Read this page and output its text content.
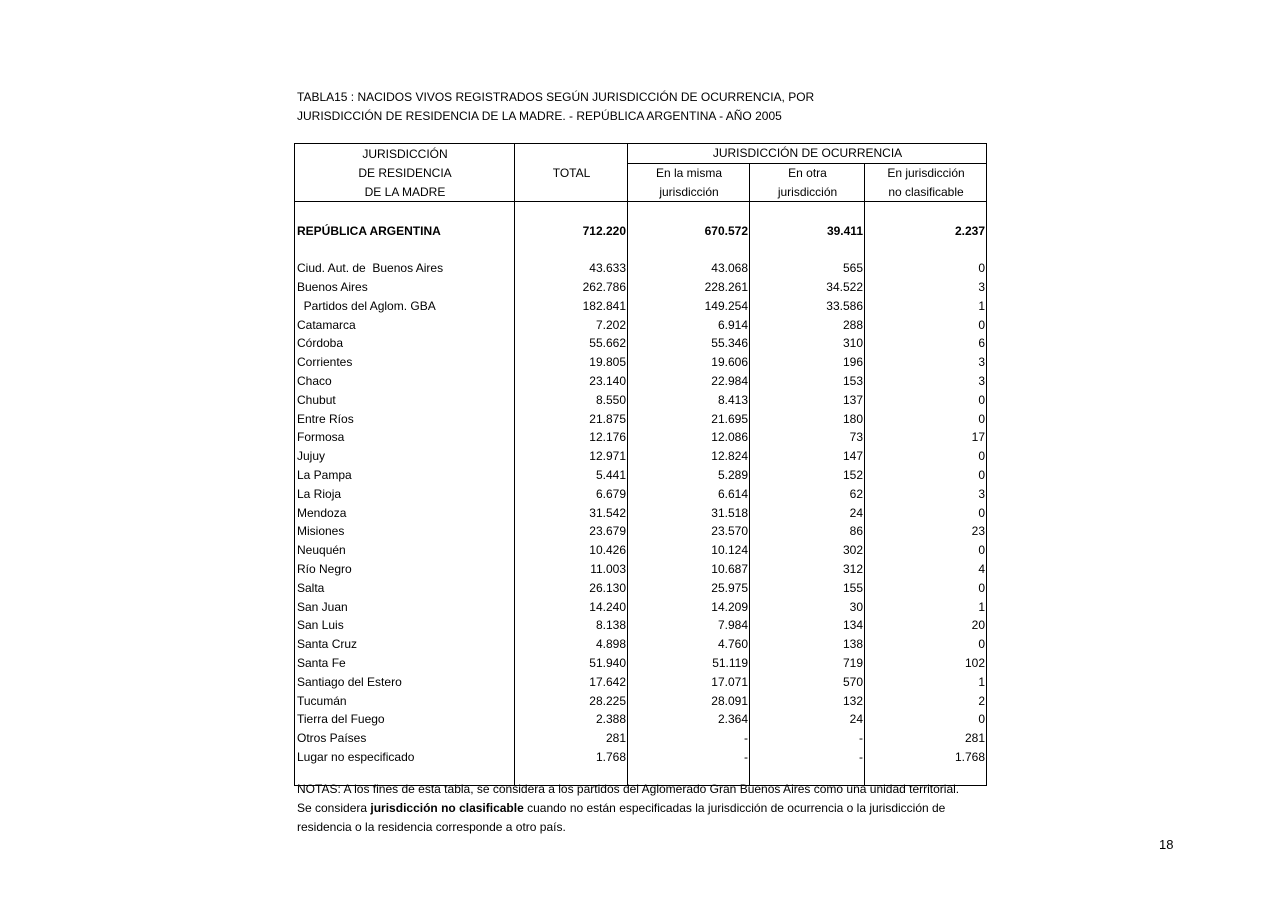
TABLA15 : NACIDOS VIVOS REGISTRADOS SEGÚN JURISDICCIÓN DE OCURRENCIA, POR
JURISDICCIÓN DE RESIDENCIA DE LA MADRE. - REPÚBLICA ARGENTINA - AÑO 2005
JURISDICCIÓN		JURISDICCIÓN DE OCURRENCIA		
DE RESIDENCIA	TOTAL	En la misma	En otra	En jurisdicción
DE LA MADRE		jurisdicción	jurisdicción	no clasificable

REPÚBLICA ARGENTINA	712.220	670.572	39.411	2.237

Ciud. Aut. de  Buenos Aires	43.633	43.068	565	0
Buenos Aires	262.786	228.261	34.522	3
Partidos del Aglom. GBA	182.841	149.254	33.586	1
Catamarca	7.202	6.914	288	0
Córdoba	55.662	55.346	310	6
Corrientes	19.805	19.606	196	3
Chaco	23.140	22.984	153	3
Chubut	8.550	8.413	137	0
Entre Ríos	21.875	21.695	180	0
Formosa	12.176	12.086	73	17
Jujuy	12.971	12.824	147	0
La Pampa	5.441	5.289	152	0
La Rioja	6.679	6.614	62	3
Mendoza	31.542	31.518	24	0
Misiones	23.679	23.570	86	23
Neuquén	10.426	10.124	302	0
Río Negro	11.003	10.687	312	4
Salta	26.130	25.975	155	0
San Juan	14.240	14.209	30	1
San Luis	8.138	7.984	134	20
Santa Cruz	4.898	4.760	138	0
Santa Fe	51.940	51.119	719	102
Santiago del Estero	17.642	17.071	570	1
Tucumán	28.225	28.091	132	2
Tierra del Fuego	2.388	2.364	24	0
Otros Países	281	-	-	281
Lugar no especificado	1.768	-	-	1.768

NOTAS: A los fines de esta tabla, se considera a los partidos del Aglomerado Gran Buenos Aires como una unidad territorial.
Se considera jurisdicción no clasificable cuando no están especificadas la jurisdicción de ocurrencia o la jurisdicción de
residencia o la residencia corresponde a otro país.
18
